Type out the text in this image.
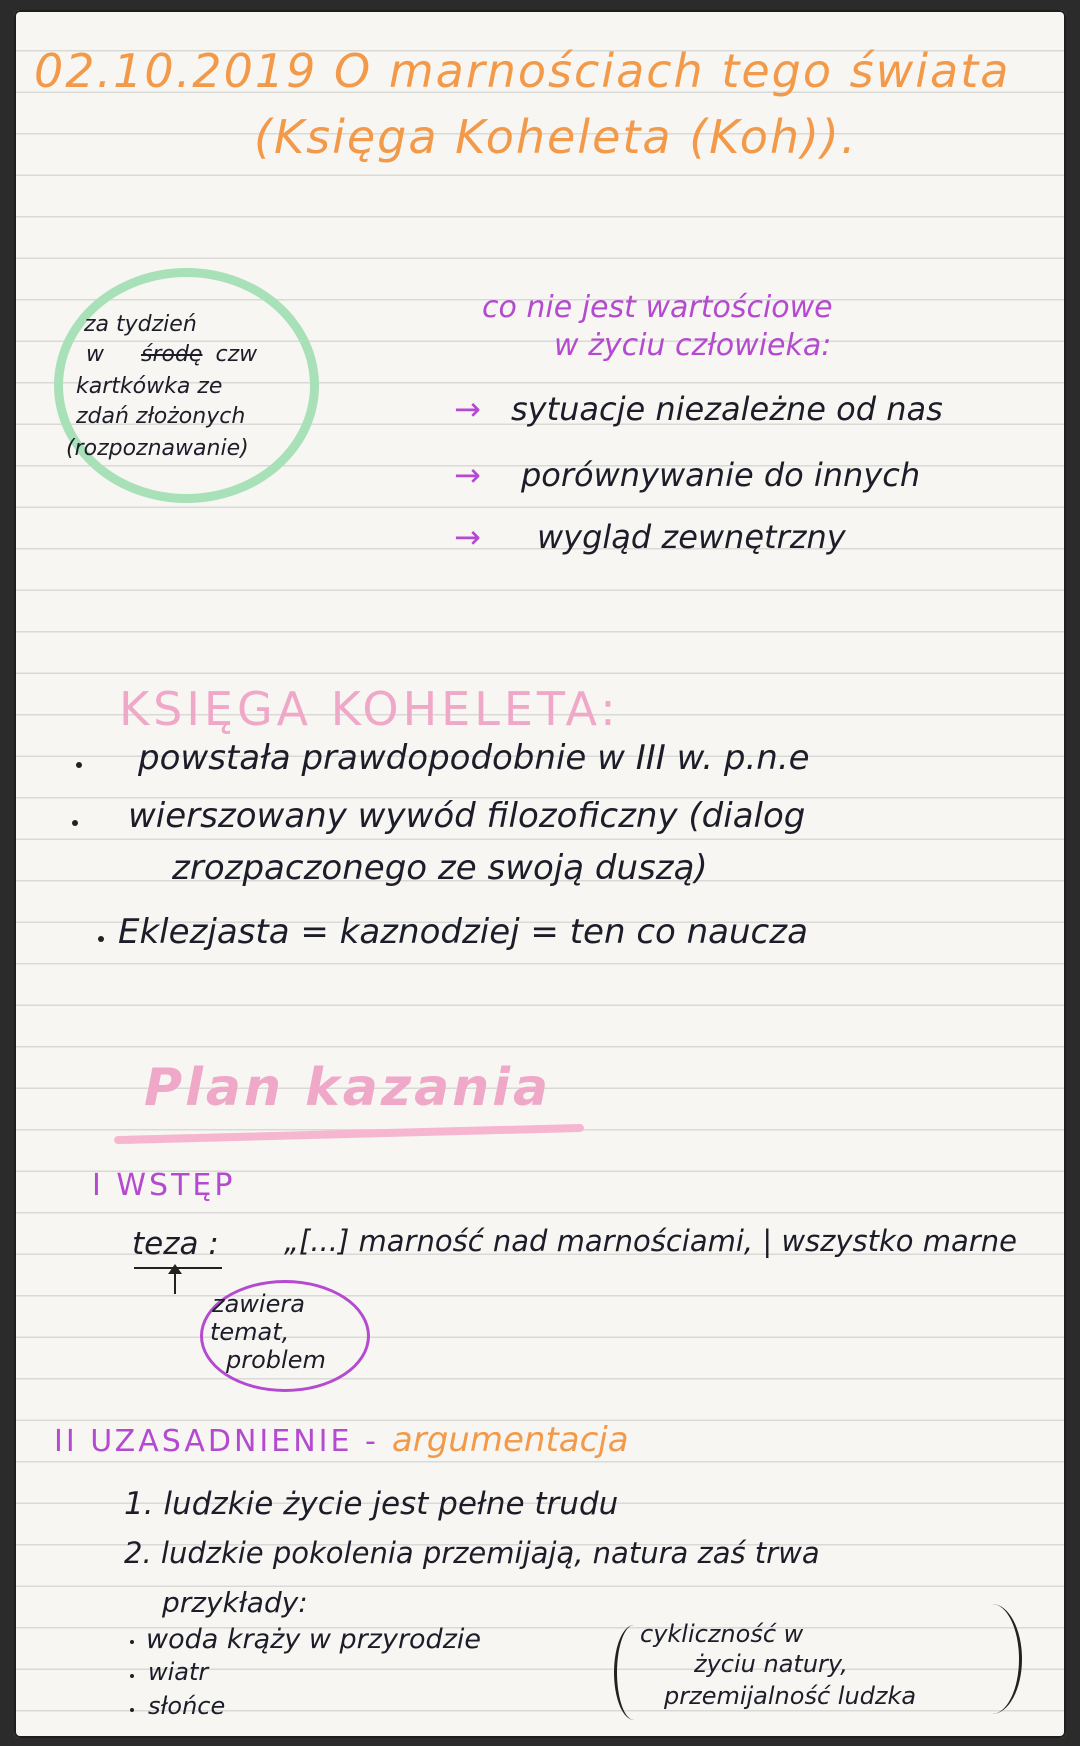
02.10.2019 O marnościach tego świata
(Księga Koheleta (Koh)).
za tydzień
w środę czw
kartkówka ze
zdań złożonych
(rozpoznawanie)
co nie jest wartościowe
w życiu człowieka:
→ sytuacje niezależne od nas
→ porównywanie do innych
→ wygląd zewnętrzny
KSIĘGA KOHELETA:
powstała prawdopodobnie w III w. p.n.e
wierszowany wywód filozoficzny (dialog
zrozpaczonego ze swoją duszą)
Eklezjasta = kaznodziej = ten co naucza
Plan kazania
I WSTĘP
teza : „[...] marność nad marnościami, | wszystko marne
zawiera
temat,
problem
II UZASADNIENIE - argumentacja
1. ludzkie życie jest pełne trudu
2. ludzkie pokolenia przemijają, natura zaś trwa
przykłady:
woda krąży w przyrodzie
wiatr
słońce
cykliczność w
życiu natury,
przemijalność ludzka
